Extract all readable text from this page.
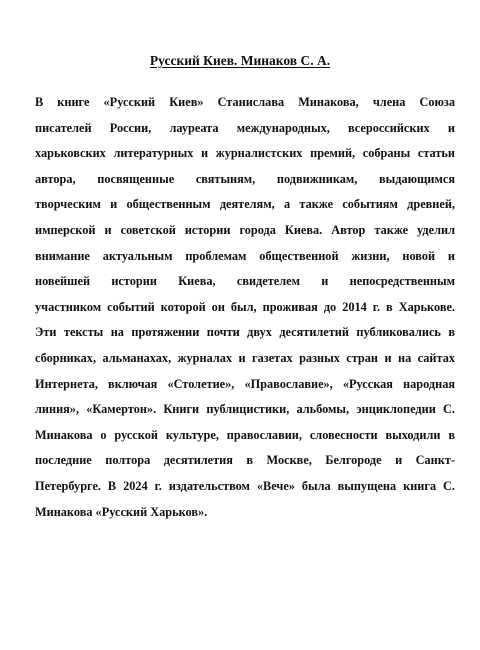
Русский Киев. Минаков С. А.
В книге «Русский Киев» Станислава Минакова, члена Союза
писателей России, лауреата международных, всероссийских и
харьковских литературных и журналистских премий, собраны статьи
автора, посвященные святыням, подвижникам, выдающимся
творческим и общественным деятелям, а также событиям древней,
имперской и советской истории города Киева. Автор также уделил
внимание актуальным проблемам общественной жизни, новой и
новейшей истории Киева, свидетелем и непосредственным
участником событий которой он был, проживая до 2014 г. в Харькове.
Эти тексты на протяжении почти двух десятилетий публиковались в
сборниках, альманахах, журналах и газетах разных стран и на сайтах
Интернета, включая «Столетие», «Православие», «Русская народная
линия», «Камертон». Книги публицистики, альбомы, энциклопедии С.
Минакова о русской культуре, православии, словесности выходили в
последние полтора десятилетия в Москве, Белгороде и Санкт-
Петербурге. В 2024 г. издательством «Вече» была выпущена книга С.
Минакова «Русский Харьков».
